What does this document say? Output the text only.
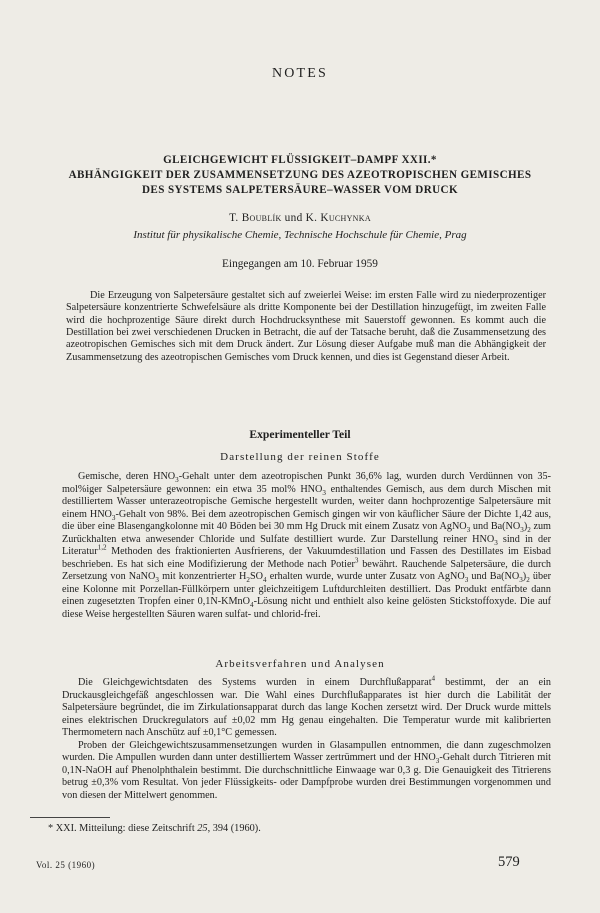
NOTES
GLEICHGEWICHT FLÜSSIGKEIT–DAMPF XXII.*
ABHÄNGIGKEIT DER ZUSAMMENSETZUNG DES AZEOTROPISCHEN GEMISCHES
DES SYSTEMS SALPETERSÄURE–WASSER VOM DRUCK
T. Boublík und K. Kuchynka
Institut für physikalische Chemie, Technische Hochschule für Chemie, Prag
Eingegangen am 10. Februar 1959
Die Erzeugung von Salpetersäure gestaltet sich auf zweierlei Weise: im ersten Falle wird zu niederprozentiger Salpetersäure konzentrierte Schwefelsäure als dritte Komponente bei der Destillation hinzugefügt, im zweiten Falle wird die hochprozentige Säure direkt durch Hochdrucksynthese mit Sauerstoff gewonnen. Es kommt auch die Destillation bei zwei verschiedenen Drucken in Betracht, die auf der Tatsache beruht, daß die Zusammensetzung des azeotropischen Gemisches sich mit dem Druck ändert. Zur Lösung dieser Aufgabe muß man die Abhängigkeit der Zusammensetzung des azeotropischen Gemisches vom Druck kennen, und dies ist Gegenstand dieser Arbeit.
Experimenteller Teil
Darstellung der reinen Stoffe

Gemische, deren $HNO_3$-Gehalt unter dem azeotropischen Punkt 36,6% lag, wurden durch Verdünnen von 35-mol%iger Salpetersäure gewonnen: ein etwa 35 mol% $HNO_3$ enthaltendes Gemisch, aus dem durch Mischen mit destilliertem Wasser unterazeotropische Gemische hergestellt wurden, weiter dann hochprozentige Salpetersäure mit einem $HNO_3$-Gehalt von 98%. Bei dem azeotropischen Gemisch gingen wir von käuflicher Säure der Dichte 1,42 aus, die über eine Blasengangkolonne mit 40 Böden bei 30 mm Hg Druck mit einem Zusatz von AgNO$_3$ und $Ba(NO_3)_2$ zum Zurückhalten etwa anwesender Chloride und Sulfate destilliert wurde. Zur Darstellung reiner $HNO_3$ sind in der Literatur$^{1,2}$ Methoden des fraktionierten Ausfrierens, der Vakuumdestillation und Fassen des Destillates im Eisbad beschrieben. Es hat sich eine Modifizierung der Methode nach Potier$^3$ bewährt. Rauchende Salpetersäure, die durch Zersetzung von NaNO$_3$ mit konzentrierter $H_2SO_4$ erhalten wurde, wurde unter Zusatz von AgNO$_3$ und $Ba(NO_3)_2$ über eine Kolonne mit Porzellan-Füllkörpern unter gleichzeitigem Luftdurchleiten destilliert. Das Produkt entfärbte dann einen zugesetzten Tropfen einer 0,1N-KMnO$_4$-Lösung nicht und enthielt also keine gelösten Stickstoffoxyde. Die auf diese Weise hergestellten Säuren waren sulfat- und chlorid-frei.

Arbeitsverfahren und Analysen

Die Gleichgewichtsdaten des Systems wurden in einem Durchflußapparat$^4$ bestimmt, der an ein Druckausgleichgefäß angeschlossen war. Die Wahl eines Durchflußapparates ist hier durch die Labilität der Salpetersäure begründet, die im Zirkulationsapparat durch das lange Kochen zersetzt wird. Der Druck wurde mittels eines elektrischen Druckregulators auf ±0,02 mm Hg genau eingehalten. Die Temperatur wurde mit kalibrierten Thermometern nach Anschütz auf ±0,1°C gemessen.

Proben der Gleichgewichtszusammensetzungen wurden in Glasampullen entnommen, die dann zugeschmolzen wurden. Die Ampullen wurden dann unter destilliertem Wasser zertrümmert und der $HNO_3$-Gehalt durch Titrieren mit 0,1N-NaOH auf Phenolphthalein bestimmt. Die durchschnittliche Einwaage war 0,3 g. Die Genauigkeit des Titrierens betrug ±0,3% vom Resultat. Von jeder Flüssigkeits- oder Dampfprobe wurden drei Bestimmungen vorgenommen und von diesen der Mittelwert genommen.

* XXI. Mitteilung: diese Zeitschrift 25, 394 (1960).
Vol. 25 (1960)	579
